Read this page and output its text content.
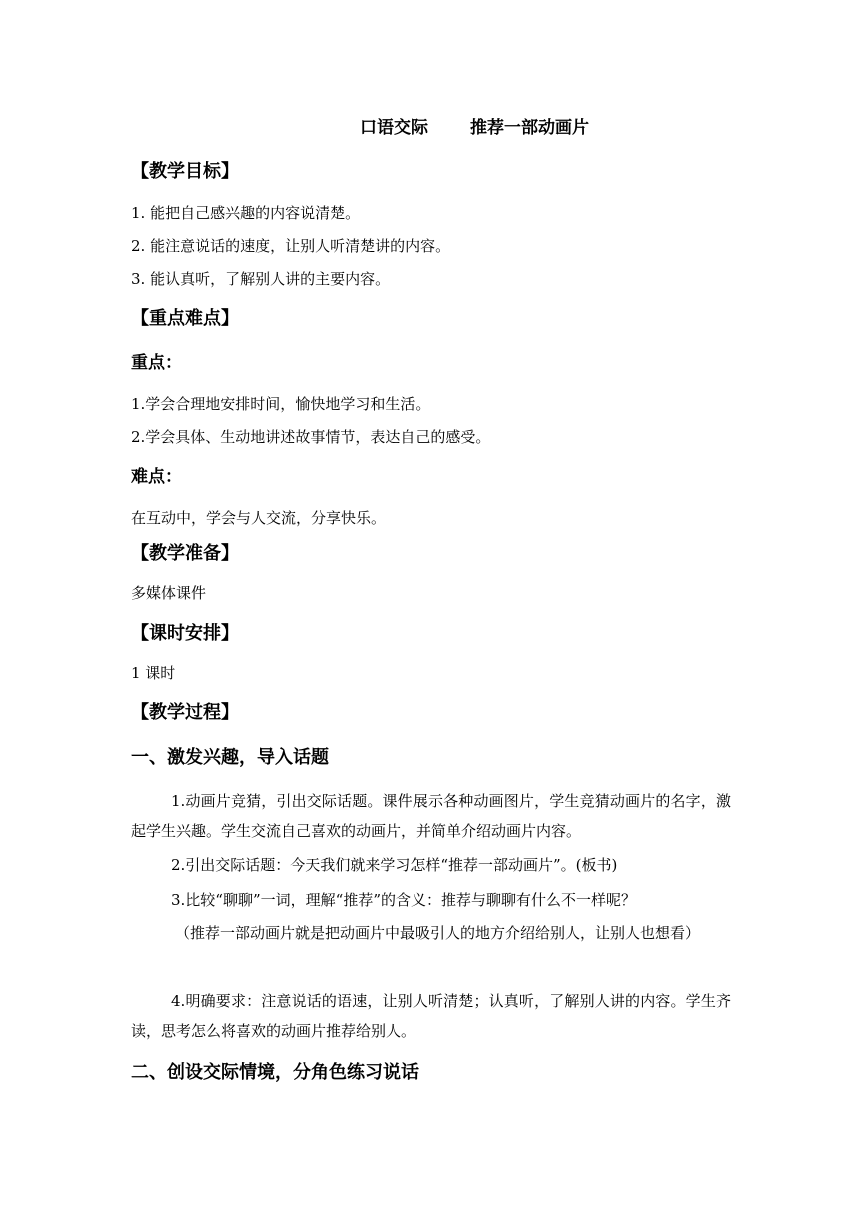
口语交际 推荐一部动画片
【教学目标】
1. 能把自己感兴趣的内容说清楚。
2. 能注意说话的速度，让别人听清楚讲的内容。
3. 能认真听，了解别人讲的主要内容。
【重点难点】
重点：
1.学会合理地安排时间，愉快地学习和生活。
2.学会具体、生动地讲述故事情节，表达自己的感受。
难点：
在互动中，学会与人交流，分享快乐。
【教学准备】
多媒体课件
【课时安排】
1 课时
【教学过程】
一、激发兴趣，导入话题
1.动画片竞猜，引出交际话题。课件展示各种动画图片，学生竞猜动画片的名字，激起学生兴趣。学生交流自己喜欢的动画片，并简单介绍动画片内容。
2.引出交际话题：今天我们就来学习怎样“推荐一部动画片”。(板书)
3.比较“聊聊”一词，理解“推荐”的含义：推荐与聊聊有什么不一样呢？
（推荐一部动画片就是把动画片中最吸引人的地方介绍给别人，让别人也想看）
4.明确要求：注意说话的语速，让别人听清楚；认真听，了解别人讲的内容。学生齐读，思考怎么将喜欢的动画片推荐给别人。
二、创设交际情境，分角色练习说话
